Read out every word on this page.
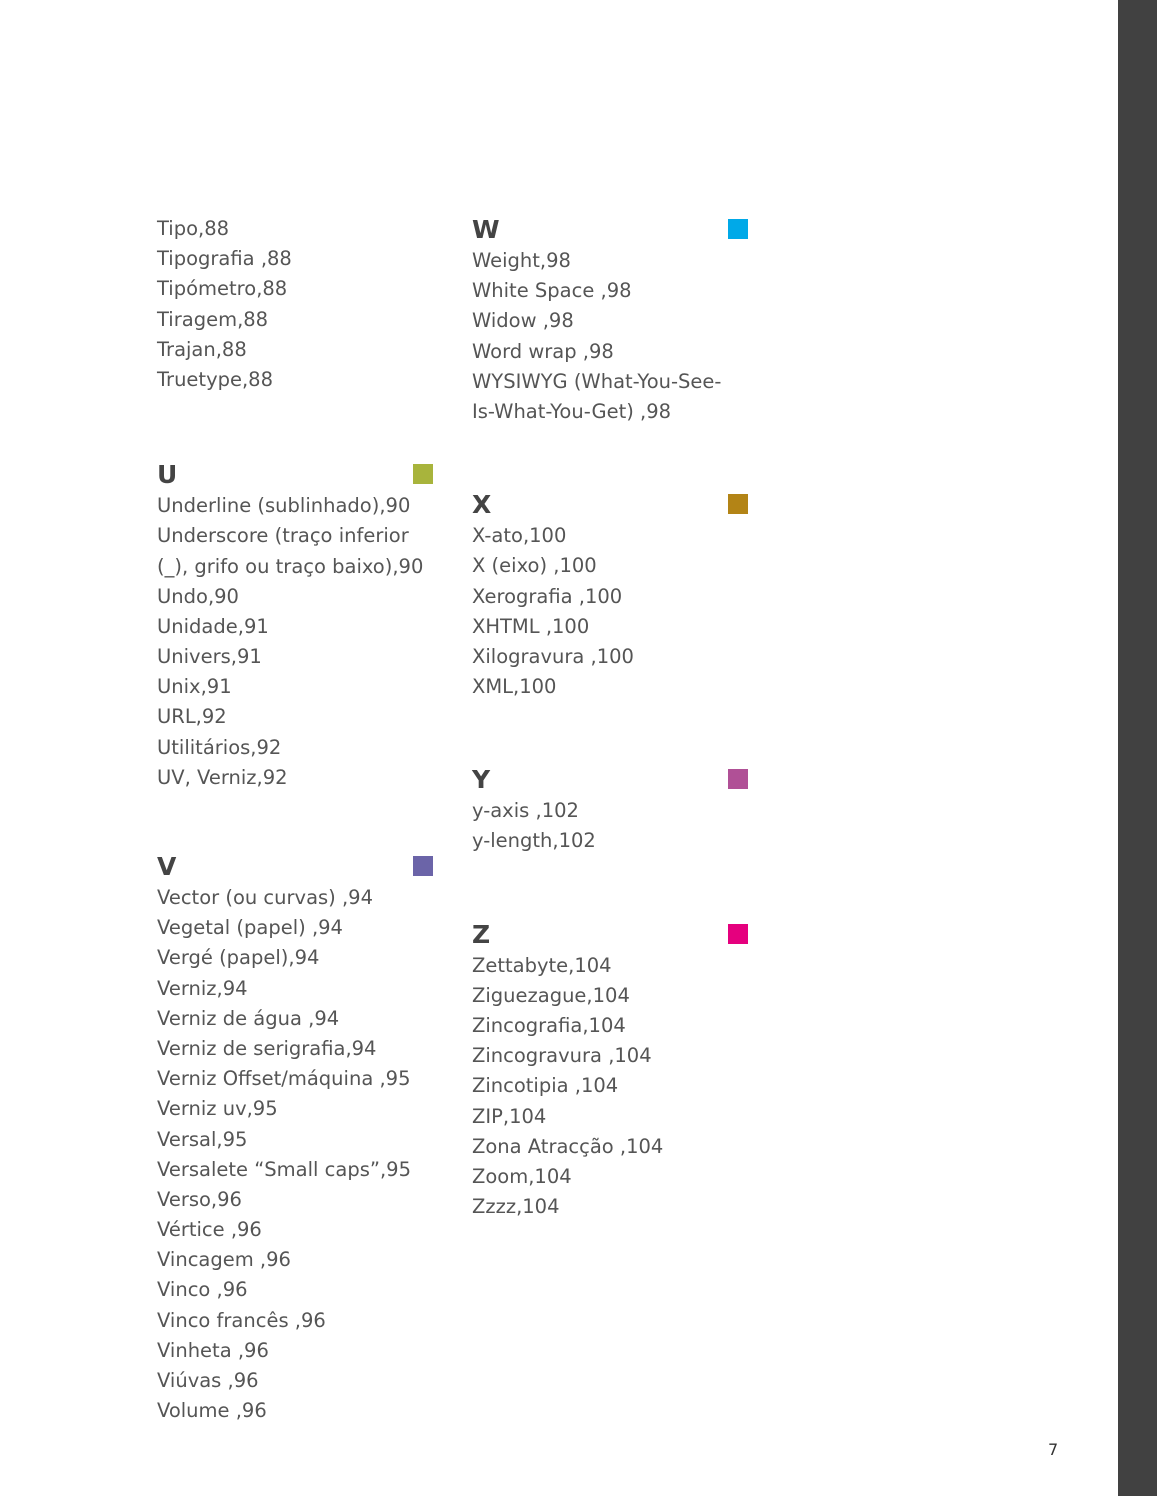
Tipo,88
Tipografia ,88
Tipómetro,88
Tiragem,88
Trajan,88
Truetype,88
U
Underline (sublinhado),90
Underscore (traço inferior
(_), grifo ou traço baixo),90
Undo,90
Unidade,91
Univers,91
Unix,91
URL,92
Utilitários,92
UV, Verniz,92
V
Vector (ou curvas) ,94
Vegetal (papel) ,94
Vergé (papel),94
Verniz,94
Verniz de água ,94
Verniz de serigrafia,94
Verniz Offset/máquina ,95
Verniz uv,95
Versal,95
Versalete “Small caps”,95
Verso,96
Vértice ,96
Vincagem ,96
Vinco ,96
Vinco francês ,96
Vinheta ,96
Viúvas ,96
Volume ,96
W
Weight,98
White Space ,98
Widow ,98
Word wrap ,98
WYSIWYG (What-You-See-
Is-What-You-Get) ,98
X
X-ato,100
X (eixo) ,100
Xerografia ,100
XHTML ,100
Xilogravura ,100
XML,100
Y
y-axis ,102
y-length,102
Z
Zettabyte,104
Ziguezague,104
Zincografia,104
Zincogravura ,104
Zincotipia ,104
ZIP,104
Zona Atracção ,104
Zoom,104
Zzzz,104
7
